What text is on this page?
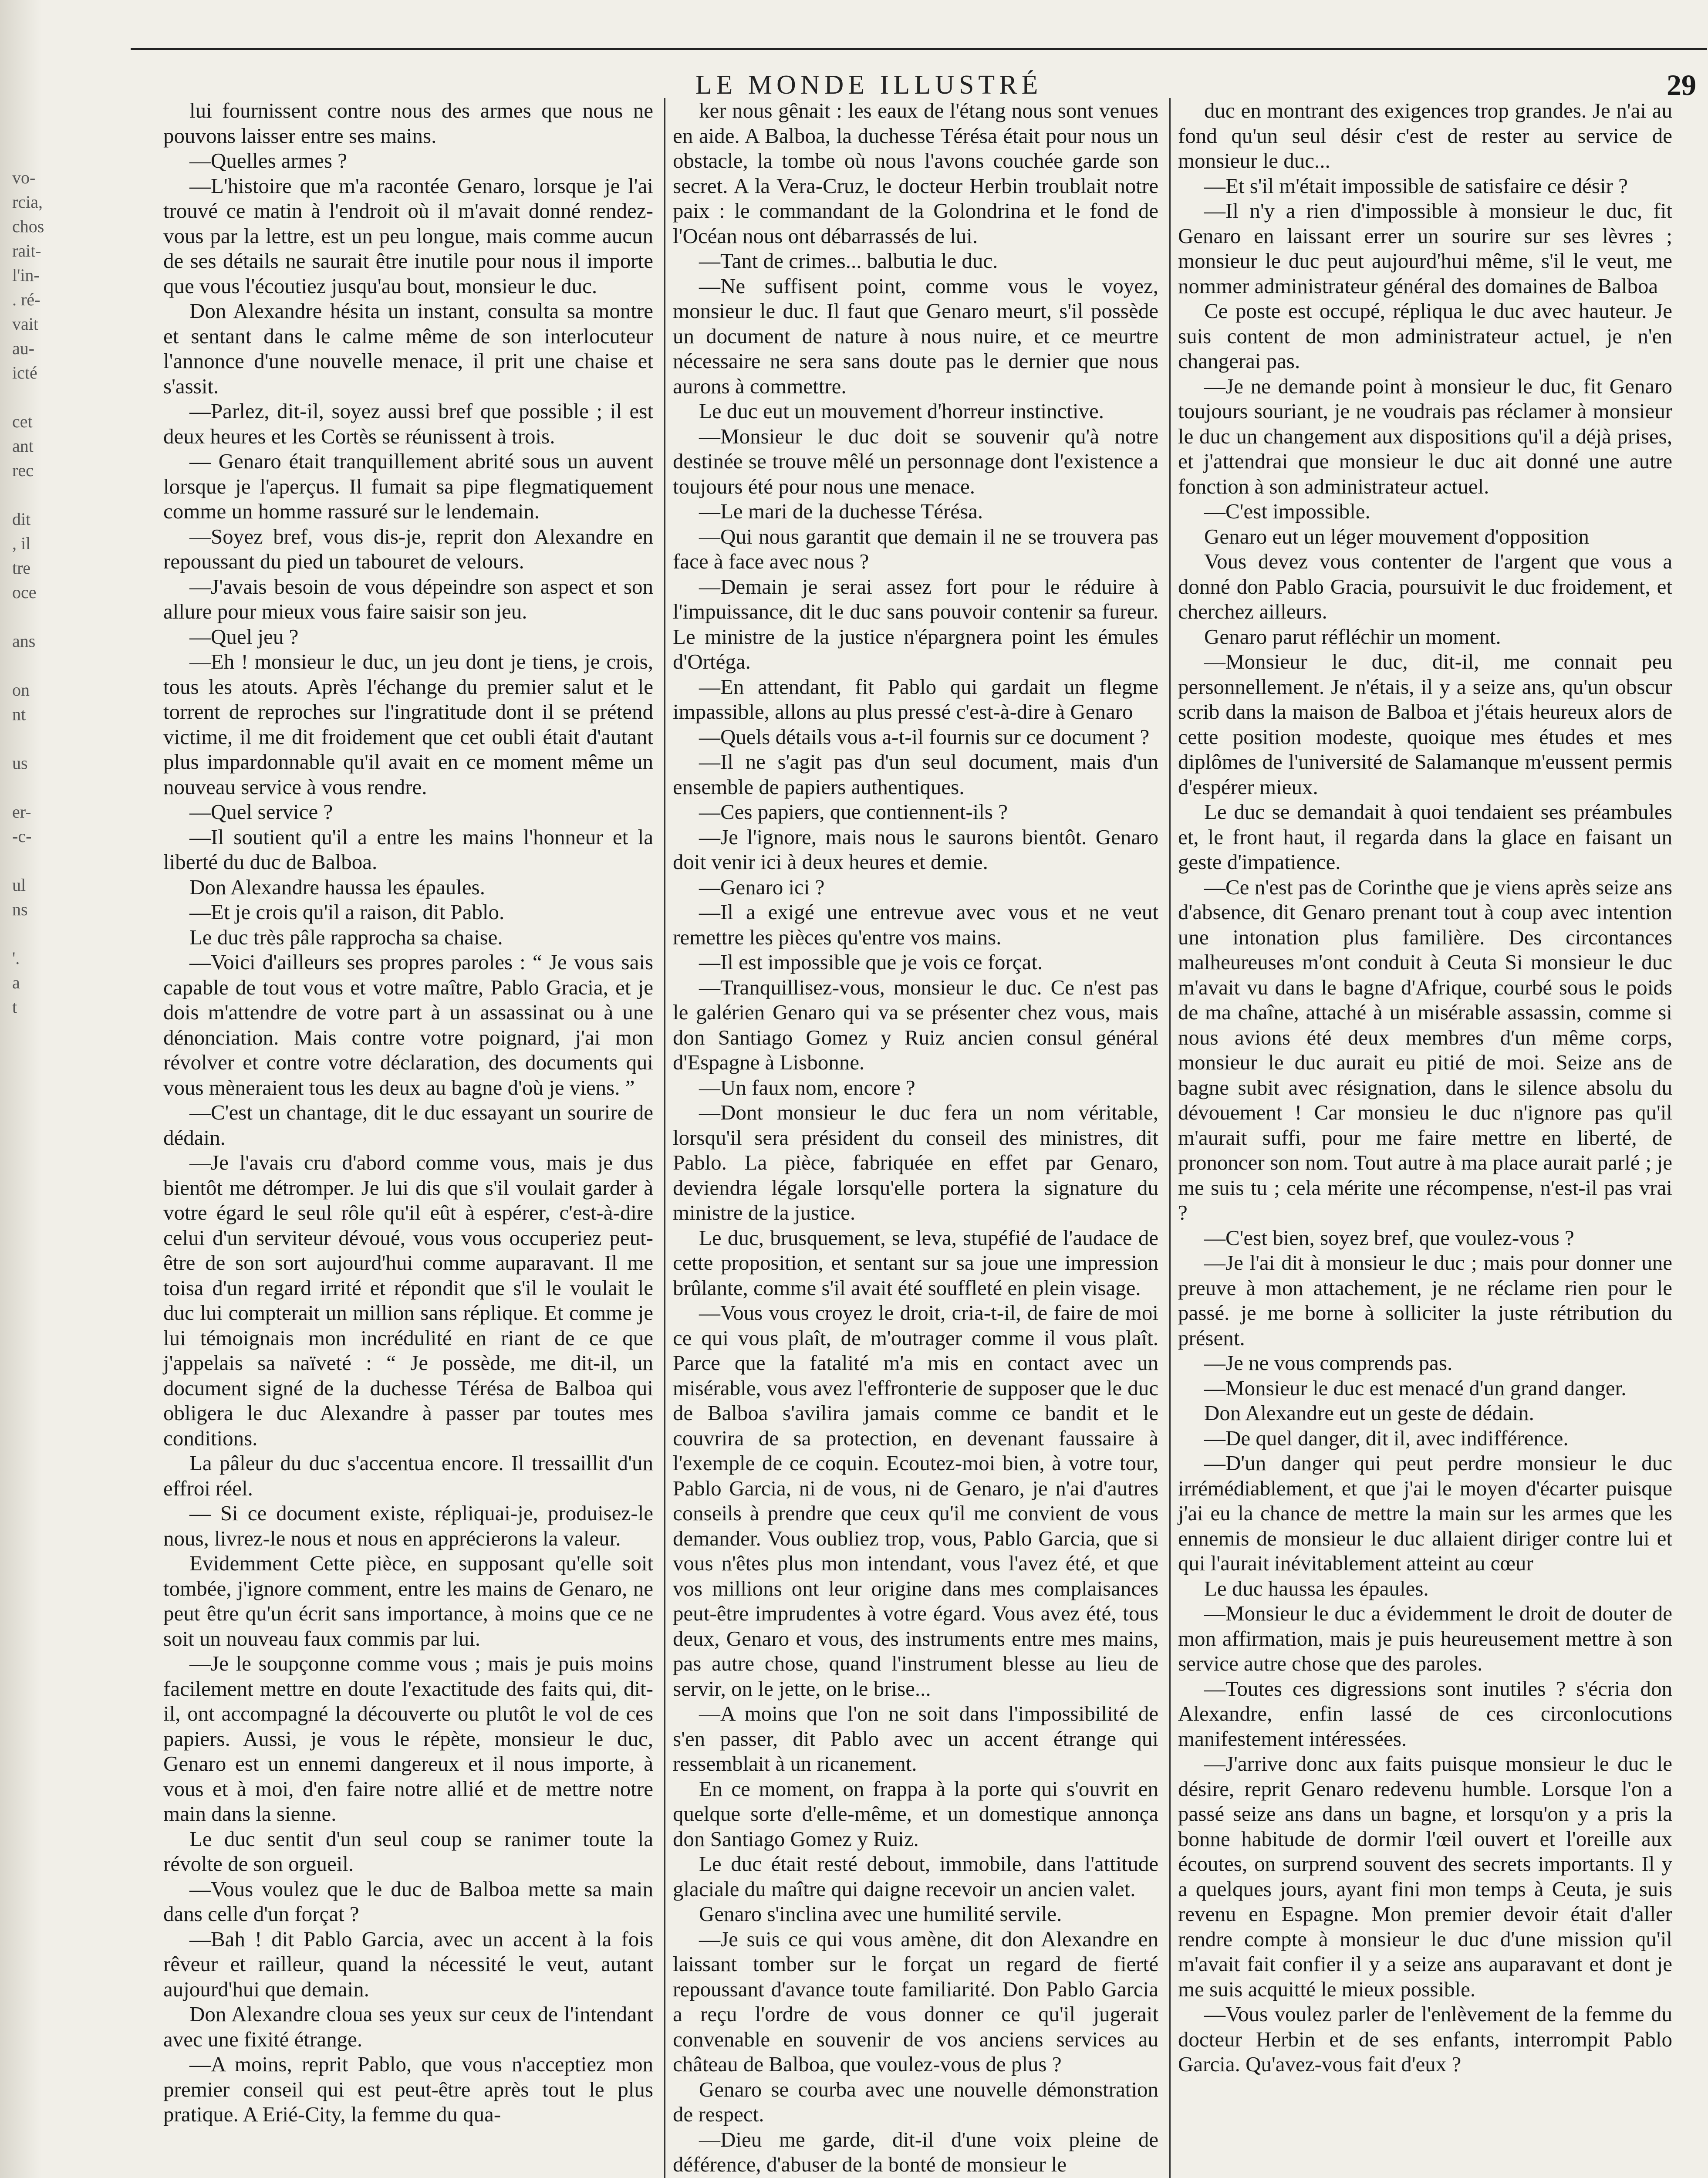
vo-
rcia,
chos
rait-
l'in-
. ré-
vait
au-
icté
cet
ant
rec
dit
, il
tre
oce
ans
on
nt
us
er-
-c-
ul
ns
'.
a
t
LE MONDE ILLUSTRÉ	29

lui fournissent contre nous des armes que nous ne pouvons laisser entre ses mains.

—Quelles armes ?

—L'histoire que m'a racontée Genaro, lorsque je l'ai trouvé ce matin à l'endroit où il m'avait donné rendez-vous par la lettre, est un peu longue, mais comme aucun de ses détails ne saurait être inutile pour nous il importe que vous l'écoutiez jusqu'au bout, monsieur le duc.

Don Alexandre hésita un instant, consulta sa montre et sentant dans le calme même de son interlocuteur l'annonce d'une nouvelle menace, il prit une chaise et s'assit.

—Parlez, dit-il, soyez aussi bref que possible ; il est deux heures et les Cortès se réunissent à trois.

— Genaro était tranquillement abrité sous un auvent lorsque je l'aperçus. Il fumait sa pipe flegmatiquement comme un homme rassuré sur le lendemain.

—Soyez bref, vous dis-je, reprit don Alexandre en repoussant du pied un tabouret de velours.

—J'avais besoin de vous dépeindre son aspect et son allure pour mieux vous faire saisir son jeu.

—Quel jeu ?

—Eh ! monsieur le duc, un jeu dont je tiens, je crois, tous les atouts. Après l'échange du premier salut et le torrent de reproches sur l'ingratitude dont il se prétend victime, il me dit froidement que cet oubli était d'autant plus impardonnable qu'il avait en ce moment même un nouveau service à vous rendre.

—Quel service ?

—Il soutient qu'il a entre les mains l'honneur et la liberté du duc de Balboa.

Don Alexandre haussa les épaules.

—Et je crois qu'il a raison, dit Pablo.

Le duc très pâle rapprocha sa chaise.

—Voici d'ailleurs ses propres paroles : “ Je vous sais capable de tout vous et votre maître, Pablo Gracia, et je dois m'attendre de votre part à un assassinat ou à une dénonciation. Mais contre votre poignard, j'ai mon révolver et contre votre déclaration, des documents qui vous mèneraient tous les deux au bagne d'où je viens. ”

—C'est un chantage, dit le duc essayant un sourire de dédain.

—Je l'avais cru d'abord comme vous, mais je dus bientôt me détromper. Je lui dis que s'il voulait garder à votre égard le seul rôle qu'il eût à espérer, c'est-à-dire celui d'un serviteur dévoué, vous vous occuperiez peut-être de son sort aujourd'hui comme auparavant. Il me toisa d'un regard irrité et répondit que s'il le voulait le duc lui compterait un million sans réplique. Et comme je lui témoignais mon incrédulité en riant de ce que j'appelais sa naïveté : “ Je possède, me dit-il, un document signé de la duchesse Térésa de Balboa qui obligera le duc Alexandre à passer par toutes mes conditions.

La pâleur du duc s'accentua encore. Il tressaillit d'un effroi réel.

— Si ce document existe, répliquai-je, produisez-le nous, livrez-le nous et nous en apprécierons la valeur.

Evidemment Cette pièce, en supposant qu'elle soit tombée, j'ignore comment, entre les mains de Genaro, ne peut être qu'un écrit sans importance, à moins que ce ne soit un nouveau faux commis par lui.

—Je le soupçonne comme vous ; mais je puis moins facilement mettre en doute l'exactitude des faits qui, dit-il, ont accompagné la découverte ou plutôt le vol de ces papiers. Aussi, je vous le répète, monsieur le duc, Genaro est un ennemi dangereux et il nous importe, à vous et à moi, d'en faire notre allié et de mettre notre main dans la sienne.

Le duc sentit d'un seul coup se ranimer toute la révolte de son orgueil.

—Vous voulez que le duc de Balboa mette sa main dans celle d'un forçat ?

—Bah ! dit Pablo Garcia, avec un accent à la fois rêveur et railleur, quand la nécessité le veut, autant aujourd'hui que demain.

Don Alexandre cloua ses yeux sur ceux de l'intendant avec une fixité étrange.

—A moins, reprit Pablo, que vous n'acceptiez mon premier conseil qui est peut-être après tout le plus pratique. A Erié-City, la femme du qua-

ker nous gênait : les eaux de l'étang nous sont venues en aide. A Balboa, la duchesse Térésa était pour nous un obstacle, la tombe où nous l'avons couchée garde son secret. A la Vera-Cruz, le docteur Herbin troublait notre paix : le commandant de la Golondrina et le fond de l'Océan nous ont débarrassés de lui.

—Tant de crimes... balbutia le duc.

—Ne suffisent point, comme vous le voyez, monsieur le duc. Il faut que Genaro meurt, s'il possède un document de nature à nous nuire, et ce meurtre nécessaire ne sera sans doute pas le dernier que nous aurons à commettre.

Le duc eut un mouvement d'horreur instinctive.

—Monsieur le duc doit se souvenir qu'à notre destinée se trouve mêlé un personnage dont l'existence a toujours été pour nous une menace.

—Le mari de la duchesse Térésa.

—Qui nous garantit que demain il ne se trouvera pas face à face avec nous ?

—Demain je serai assez fort pour le réduire à l'impuissance, dit le duc sans pouvoir contenir sa fureur. Le ministre de la justice n'épargnera point les émules d'Ortéga.

—En attendant, fit Pablo qui gardait un flegme impassible, allons au plus pressé c'est-à-dire à Genaro

—Quels détails vous a-t-il fournis sur ce document ?

—Il ne s'agit pas d'un seul document, mais d'un ensemble de papiers authentiques.

—Ces papiers, que contiennent-ils ?

—Je l'ignore, mais nous le saurons bientôt. Genaro doit venir ici à deux heures et demie.

—Genaro ici ?

—Il a exigé une entrevue avec vous et ne veut remettre les pièces qu'entre vos mains.

—Il est impossible que je vois ce forçat.

—Tranquillisez-vous, monsieur le duc. Ce n'est pas le galérien Genaro qui va se présenter chez vous, mais don Santiago Gomez y Ruiz ancien consul général d'Espagne à Lisbonne.

—Un faux nom, encore ?

—Dont monsieur le duc fera un nom véritable, lorsqu'il sera président du conseil des ministres, dit Pablo. La pièce, fabriquée en effet par Genaro, deviendra légale lorsqu'elle portera la signature du ministre de la justice.

Le duc, brusquement, se leva, stupéfié de l'audace de cette proposition, et sentant sur sa joue une impression brûlante, comme s'il avait été souffleté en plein visage.

—Vous vous croyez le droit, cria-t-il, de faire de moi ce qui vous plaît, de m'outrager comme il vous plaît. Parce que la fatalité m'a mis en contact avec un misérable, vous avez l'effronterie de supposer que le duc de Balboa s'avilira jamais comme ce bandit et le couvrira de sa protection, en devenant faussaire à l'exemple de ce coquin. Ecoutez-moi bien, à votre tour, Pablo Garcia, ni de vous, ni de Genaro, je n'ai d'autres conseils à prendre que ceux qu'il me convient de vous demander. Vous oubliez trop, vous, Pablo Garcia, que si vous n'êtes plus mon intendant, vous l'avez été, et que vos millions ont leur origine dans mes complaisances peut-être imprudentes à votre égard. Vous avez été, tous deux, Genaro et vous, des instruments entre mes mains, pas autre chose, quand l'instrument blesse au lieu de servir, on le jette, on le brise...

—A moins que l'on ne soit dans l'impossibilité de s'en passer, dit Pablo avec un accent étrange qui ressemblait à un ricanement.

En ce moment, on frappa à la porte qui s'ouvrit en quelque sorte d'elle-même, et un domestique annonça don Santiago Gomez y Ruiz.

Le duc était resté debout, immobile, dans l'attitude glaciale du maître qui daigne recevoir un ancien valet.

Genaro s'inclina avec une humilité servile.

—Je suis ce qui vous amène, dit don Alexandre en laissant tomber sur le forçat un regard de fierté repoussant d'avance toute familiarité. Don Pablo Garcia a reçu l'ordre de vous donner ce qu'il jugerait convenable en souvenir de vos anciens services au château de Balboa, que voulez-vous de plus ?

Genaro se courba avec une nouvelle démonstration de respect.

—Dieu me garde, dit-il d'une voix pleine de déférence, d'abuser de la bonté de monsieur le

duc en montrant des exigences trop grandes. Je n'ai au fond qu'un seul désir c'est de rester au service de monsieur le duc...

—Et s'il m'était impossible de satisfaire ce désir ?

—Il n'y a rien d'impossible à monsieur le duc, fit Genaro en laissant errer un sourire sur ses lèvres ; monsieur le duc peut aujourd'hui même, s'il le veut, me nommer administrateur général des domaines de Balboa

Ce poste est occupé, répliqua le duc avec hauteur. Je suis content de mon administrateur actuel, je n'en changerai pas.

—Je ne demande point à monsieur le duc, fit Genaro toujours souriant, je ne voudrais pas réclamer à monsieur le duc un changement aux dispositions qu'il a déjà prises, et j'attendrai que monsieur le duc ait donné une autre fonction à son administrateur actuel.

—C'est impossible.

Genaro eut un léger mouvement d'opposition

Vous devez vous contenter de l'argent que vous a donné don Pablo Gracia, poursuivit le duc froidement, et cherchez ailleurs.

Genaro parut réfléchir un moment.

—Monsieur le duc, dit-il, me connait peu personnellement. Je n'étais, il y a seize ans, qu'un obscur scrib dans la maison de Balboa et j'étais heureux alors de cette position modeste, quoique mes études et mes diplômes de l'université de Salamanque m'eussent permis d'espérer mieux.

Le duc se demandait à quoi tendaient ses préambules et, le front haut, il regarda dans la glace en faisant un geste d'impatience.

—Ce n'est pas de Corinthe que je viens après seize ans d'absence, dit Genaro prenant tout à coup avec intention une intonation plus familière. Des circontances malheureuses m'ont conduit à Ceuta Si monsieur le duc m'avait vu dans le bagne d'Afrique, courbé sous le poids de ma chaîne, attaché à un misérable assassin, comme si nous avions été deux membres d'un même corps, monsieur le duc aurait eu pitié de moi. Seize ans de bagne subit avec résignation, dans le silence absolu du dévouement ! Car monsieu le duc n'ignore pas qu'il m'aurait suffi, pour me faire mettre en liberté, de prononcer son nom. Tout autre à ma place aurait parlé ; je me suis tu ; cela mérite une récompense, n'est-il pas vrai ?

—C'est bien, soyez bref, que voulez-vous ?

—Je l'ai dit à monsieur le duc ; mais pour donner une preuve à mon attachement, je ne réclame rien pour le passé. je me borne à solliciter la juste rétribution du présent.

—Je ne vous comprends pas.

—Monsieur le duc est menacé d'un grand danger.

Don Alexandre eut un geste de dédain.

—De quel danger, dit il, avec indifférence.

—D'un danger qui peut perdre monsieur le duc irrémédiablement, et que j'ai le moyen d'écarter puisque j'ai eu la chance de mettre la main sur les armes que les ennemis de monsieur le duc allaient diriger contre lui et qui l'aurait inévitablement atteint au cœur

Le duc haussa les épaules.

—Monsieur le duc a évidemment le droit de douter de mon affirmation, mais je puis heureusement mettre à son service autre chose que des paroles.

—Toutes ces digressions sont inutiles ? s'écria don Alexandre, enfin lassé de ces circonlocutions manifestement intéressées.

—J'arrive donc aux faits puisque monsieur le duc le désire, reprit Genaro redevenu humble. Lorsque l'on a passé seize ans dans un bagne, et lorsqu'on y a pris la bonne habitude de dormir l'œil ouvert et l'oreille aux écoutes, on surprend souvent des secrets importants. Il y a quelques jours, ayant fini mon temps à Ceuta, je suis revenu en Espagne. Mon premier devoir était d'aller rendre compte à monsieur le duc d'une mission qu'il m'avait fait confier il y a seize ans auparavant et dont je me suis acquitté le mieux possible.

—Vous voulez parler de l'enlèvement de la femme du docteur Herbin et de ses enfants, interrompit Pablo Garcia. Qu'avez-vous fait d'eux ?
